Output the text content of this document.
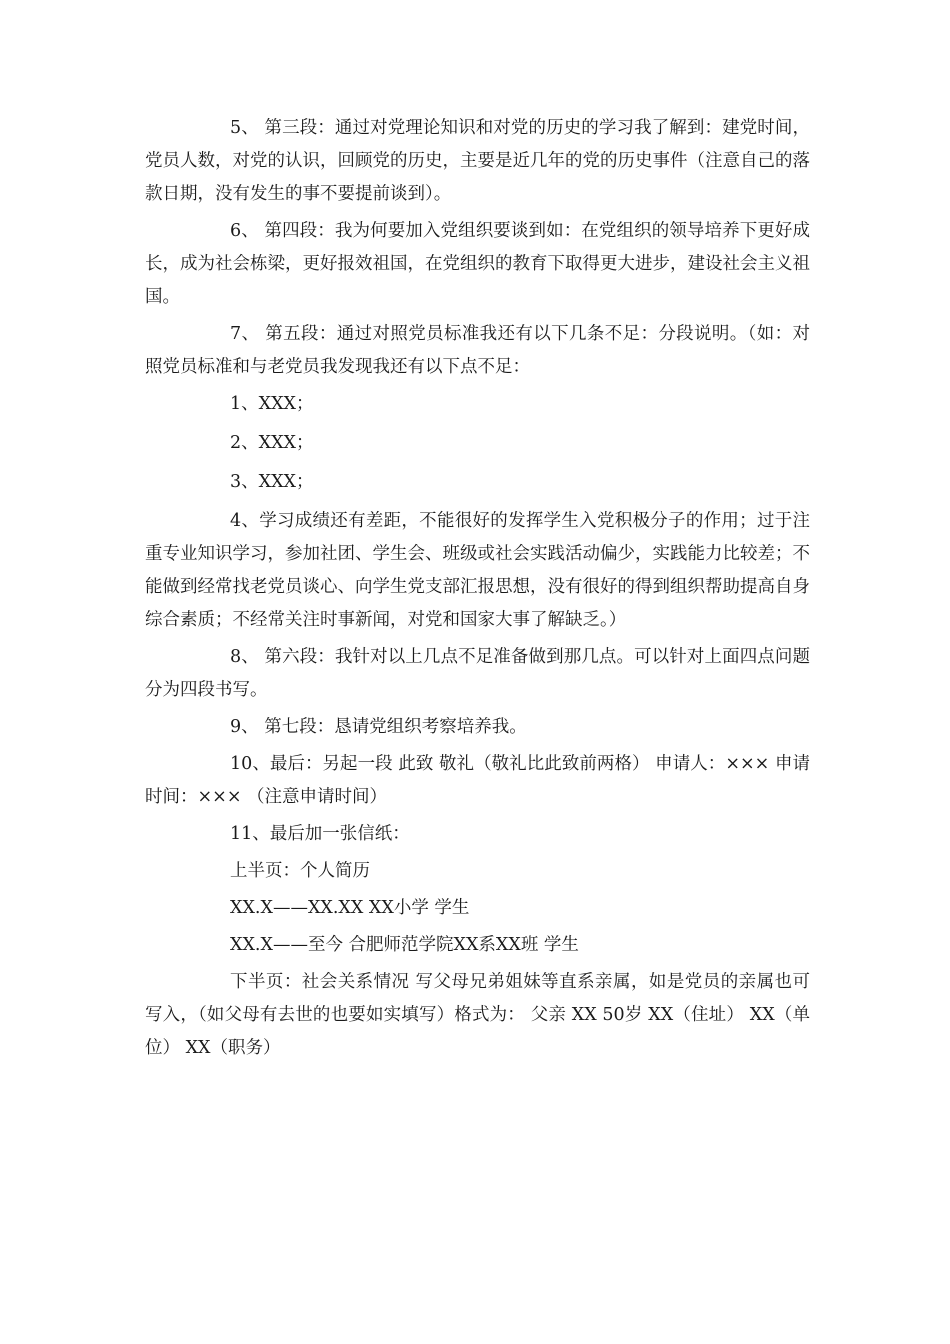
5、 第三段：通过对党理论知识和对党的历史的学习我了解到：建党时间，党员人数，对党的认识，回顾党的历史，主要是近几年的党的历史事件（注意自己的落款日期，没有发生的事不要提前谈到）。

6、 第四段：我为何要加入党组织要谈到如：在党组织的领导培养下更好成长，成为社会栋梁，更好报效祖国，在党组织的教育下取得更大进步，建设社会主义祖国。

7、 第五段：通过对照党员标准我还有以下几条不足：分段说明。（如：对照党员标准和与老党员我发现我还有以下点不足：

1、XXX；

2、XXX；

3、XXX；

4、学习成绩还有差距，不能很好的发挥学生入党积极分子的作用；过于注重专业知识学习，参加社团、学生会、班级或社会实践活动偏少，实践能力比较差；不能做到经常找老党员谈心、向学生党支部汇报思想，没有很好的得到组织帮助提高自身综合素质；不经常关注时事新闻，对党和国家大事了解缺乏。）

8、 第六段：我针对以上几点不足准备做到那几点。可以针对上面四点问题分为四段书写。

9、 第七段：恳请党组织考察培养我。

10、最后：另起一段 此致 敬礼（敬礼比此致前两格） 申请人：××× 申请时间：××× （注意申请时间）

11、最后加一张信纸：

上半页：个人简历

XX.X——XX.XX XX小学 学生

XX.X——至今 合肥师范学院XX系XX班 学生

下半页：社会关系情况 写父母兄弟姐妹等直系亲属，如是党员的亲属也可写入，（如父母有去世的也要如实填写）格式为： 父亲 XX 50岁 XX（住址） XX（单位） XX（职务）
